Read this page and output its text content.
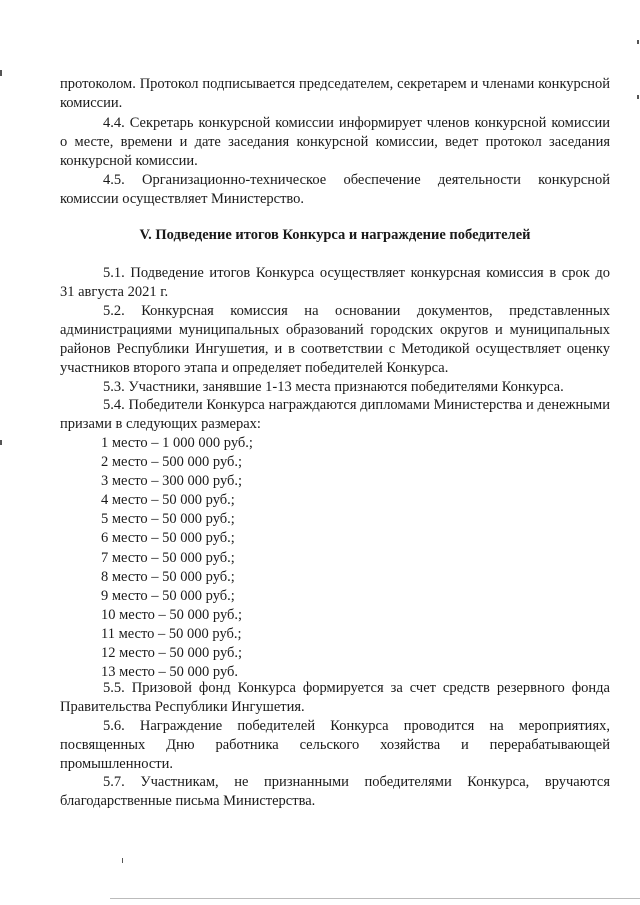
протоколом. Протокол подписывается председателем, секретарем и членами конкурсной комиссии.

4.4. Секретарь конкурсной комиссии информирует членов конкурсной комиссии о месте, времени и дате заседания конкурсной комиссии, ведет протокол заседания конкурсной комиссии.

4.5. Организационно-техническое обеспечение деятельности конкурсной комиссии осуществляет Министерство.

V. Подведение итогов Конкурса и награждение победителей

5.1. Подведение итогов Конкурса осуществляет конкурсная комиссия в срок до 31 августа 2021 г.

5.2. Конкурсная комиссия на основании документов, представленных администрациями муниципальных образований городских округов и муниципальных районов Республики Ингушетия, и в соответствии с Методикой осуществляет оценку участников второго этапа и определяет победителей Конкурса.

5.3. Участники, занявшие 1-13 места признаются победителями Конкурса.

5.4. Победители Конкурса награждаются дипломами Министерства и денежными призами в следующих размерах:

1 место – 1 000 000 руб.;
2 место – 500 000 руб.;
3 место – 300 000 руб.;
4 место – 50 000 руб.;
5 место – 50 000 руб.;
6 место – 50 000 руб.;
7 место – 50 000 руб.;
8 место – 50 000 руб.;
9 место – 50 000 руб.;
10 место – 50 000 руб.;
11 место – 50 000 руб.;
12 место – 50 000 руб.;
13 место – 50 000 руб.

5.5. Призовой фонд Конкурса формируется за счет средств резервного фонда Правительства Республики Ингушетия.

5.6. Награждение победителей Конкурса проводится на мероприятиях, посвященных Дню работника сельского хозяйства и перерабатывающей промышленности.

5.7. Участникам, не признанными победителями Конкурса, вручаются благодарственные письма Министерства.
